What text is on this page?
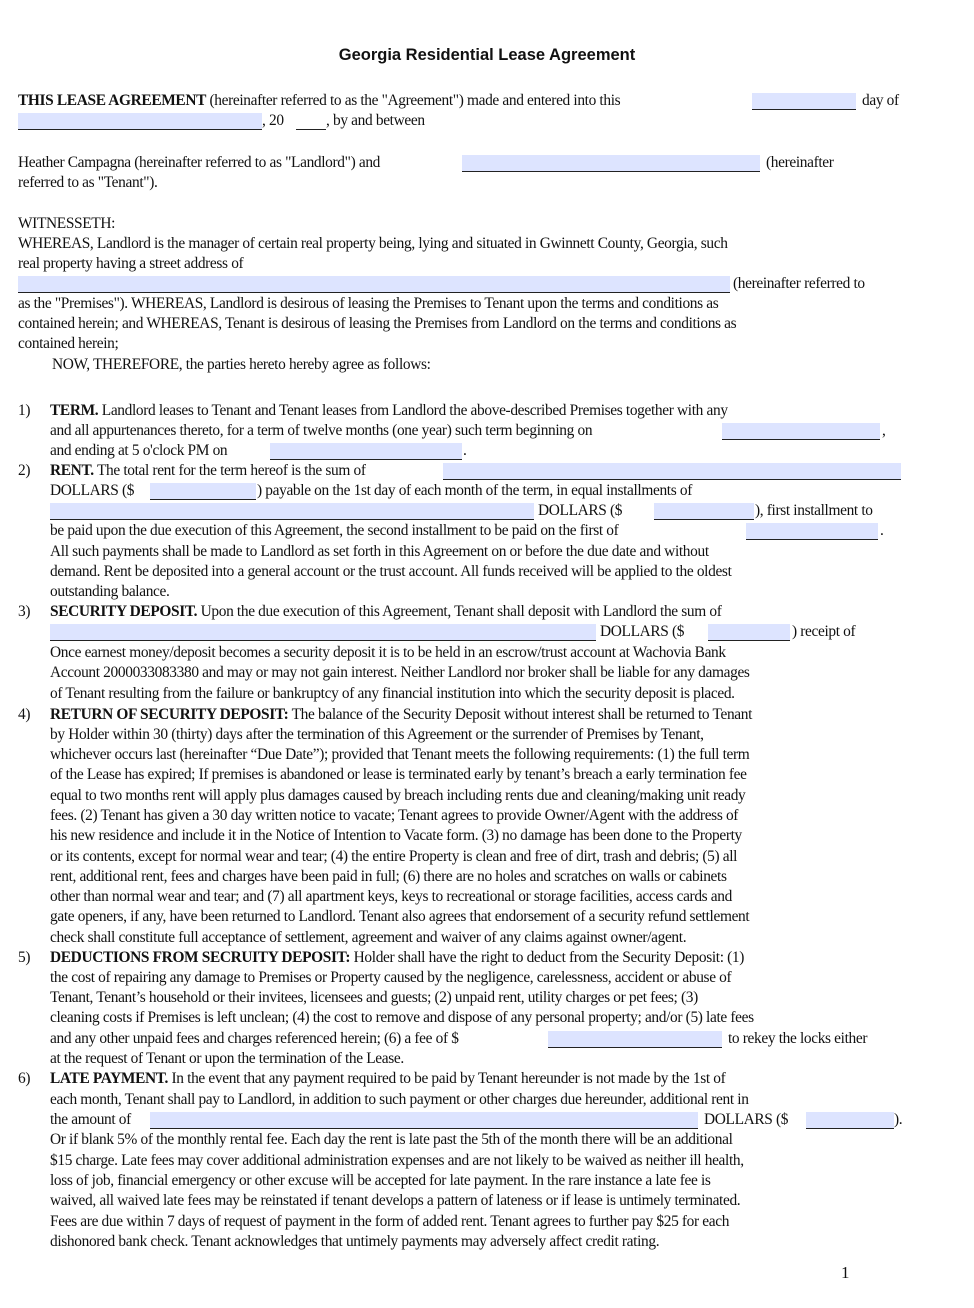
Georgia Residential Lease Agreement
THIS LEASE AGREEMENT (hereinafter referred to as the "Agreement") made and entered into this	day of
, 20	, by and between
Heather Campagna (hereinafter referred to as "Landlord") and	(hereinafter
referred to as "Tenant").
WITNESSETH:
WHEREAS, Landlord is the manager of certain real property being, lying and situated in Gwinnett County, Georgia, such
real property having a street address of
(hereinafter referred to
as the "Premises"). WHEREAS, Landlord is desirous of leasing the Premises to Tenant upon the terms and conditions as
contained herein; and WHEREAS, Tenant is desirous of leasing the Premises from Landlord on the terms and conditions as
contained herein;
NOW, THEREFORE, the parties hereto hereby agree as follows:
1) TERM. Landlord leases to Tenant and Tenant leases from Landlord the above-described Premises together with any
and all appurtenances thereto, for a term of twelve months (one year) such term beginning on	,
and ending at 5 o'clock PM on	.
2) RENT. The total rent for the term hereof is the sum of
DOLLARS ($	) payable on the 1st day of each month of the term, in equal installments of
DOLLARS ($	), first installment to
be paid upon the due execution of this Agreement, the second installment to be paid on the first of	.
All such payments shall be made to Landlord as set forth in this Agreement on or before the due date and without
demand. Rent be deposited into a general account or the trust account. All funds received will be applied to the oldest
outstanding balance.
3) SECURITY DEPOSIT. Upon the due execution of this Agreement, Tenant shall deposit with Landlord the sum of
DOLLARS ($	) receipt of
Once earnest money/deposit becomes a security deposit it is to be held in an escrow/trust account at Wachovia Bank
Account 2000033083380 and may or may not gain interest. Neither Landlord nor broker shall be liable for any damages
of Tenant resulting from the failure or bankruptcy of any financial institution into which the security deposit is placed.
4) RETURN OF SECURITY DEPOSIT: The balance of the Security Deposit without interest shall be returned to Tenant
by Holder within 30 (thirty) days after the termination of this Agreement or the surrender of Premises by Tenant,
whichever occurs last (hereinafter “Due Date”); provided that Tenant meets the following requirements: (1) the full term
of the Lease has expired; If premises is abandoned or lease is terminated early by tenant’s breach a early termination fee
equal to two months rent will apply plus damages caused by breach including rents due and cleaning/making unit ready
fees. (2) Tenant has given a 30 day written notice to vacate; Tenant agrees to provide Owner/Agent with the address of
his new residence and include it in the Notice of Intention to Vacate form. (3) no damage has been done to the Property
or its contents, except for normal wear and tear; (4) the entire Property is clean and free of dirt, trash and debris; (5) all
rent, additional rent, fees and charges have been paid in full; (6) there are no holes and scratches on walls or cabinets
other than normal wear and tear; and (7) all apartment keys, keys to recreational or storage facilities, access cards and
gate openers, if any, have been returned to Landlord. Tenant also agrees that endorsement of a security refund settlement
check shall constitute full acceptance of settlement, agreement and waiver of any claims against owner/agent.
5) DEDUCTIONS FROM SECRUITY DEPOSIT: Holder shall have the right to deduct from the Security Deposit: (1)
the cost of repairing any damage to Premises or Property caused by the negligence, carelessness, accident or abuse of
Tenant, Tenant’s household or their invitees, licensees and guests; (2) unpaid rent, utility charges or pet fees; (3)
cleaning costs if Premises is left unclean; (4) the cost to remove and dispose of any personal property; and/or (5) late fees
and any other unpaid fees and charges referenced herein; (6) a fee of $	to rekey the locks either
at the request of Tenant or upon the termination of the Lease.
6) LATE PAYMENT. In the event that any payment required to be paid by Tenant hereunder is not made by the 1st of
each month, Tenant shall pay to Landlord, in addition to such payment or other charges due hereunder, additional rent in
the amount of	DOLLARS ($	).
Or if blank 5% of the monthly rental fee. Each day the rent is late past the 5th of the month there will be an additional
$15 charge. Late fees may cover additional administration expenses and are not likely to be waived as neither ill health,
loss of job, financial emergency or other excuse will be accepted for late payment. In the rare instance a late fee is
waived, all waived late fees may be reinstated if tenant develops a pattern of lateness or if lease is untimely terminated.
Fees are due within 7 days of request of payment in the form of added rent. Tenant agrees to further pay $25 for each
dishonored bank check. Tenant acknowledges that untimely payments may adversely affect credit rating.
1
